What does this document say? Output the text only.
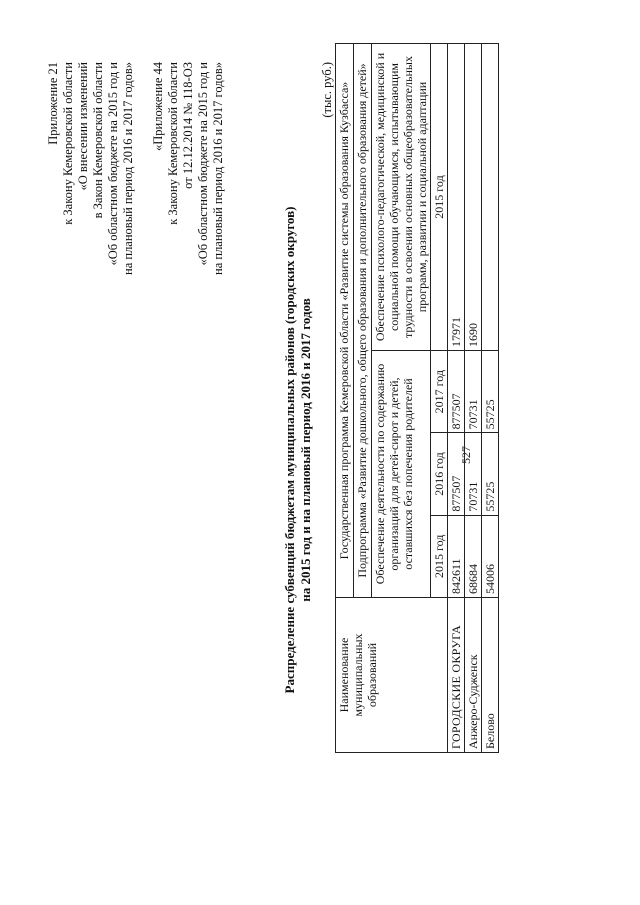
527

Приложение 21 к Закону Кемеровской области «О внесении изменений в Закон Кемеровской области «Об областном бюджете на 2015 год и на плановый период 2016 и 2017 годов» «Приложение 44 к Закону Кемеровской области от 12.12.2014 № 118-ОЗ «Об областном бюджете на 2015 год и на плановый период 2016 и 2017 годов»

Распределение субвенций бюджетам муниципальных районов (городских округов) на 2015 год и на плановый период 2016 и 2017 годов

(тыс. руб.)
Наименование муниципальных образований	Государственная программа Кемеровской области «Развитие системы образования Кузбасса»			
	Подпрограмма «Развитие дошкольного, общего образования и дополнительного образования детей»			
	Обеспечение деятельности по содержанию организаций для детей-сирот и детей, оставшихся без попечения родителей			Обеспечение психолого-педагогической, медицинской и социальной помощи обучающимся, испытывающим трудности в освоении основных общеобразовательных программ, развитии и социальной адаптации
	2015 год	2016 год	2017 год	2015 год
ГОРОДСКИЕ ОКРУГА	842611	877507	877507	17971
Анжеро-Судженск	68684	70731	70731	1690
Белово	54006	55725	55725	
